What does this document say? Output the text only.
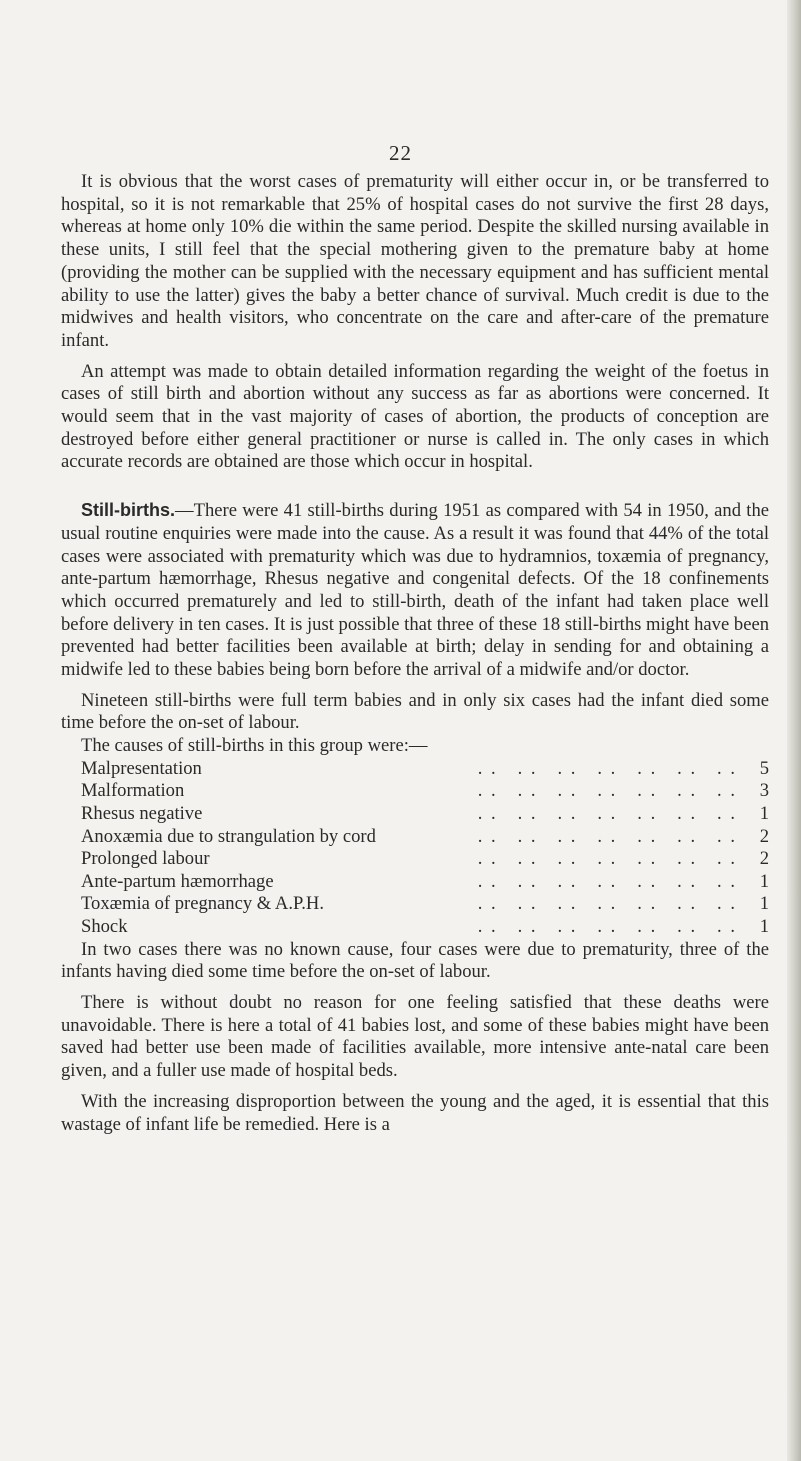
22

It is obvious that the worst cases of prematurity will either occur in, or be transferred to hospital, so it is not remarkable that 25% of hospital cases do not survive the first 28 days, whereas at home only 10% die within the same period. Despite the skilled nursing available in these units, I still feel that the special mothering given to the premature baby at home (providing the mother can be supplied with the necessary equipment and has sufficient mental ability to use the latter) gives the baby a better chance of survival. Much credit is due to the midwives and health visitors, who concentrate on the care and after-care of the premature infant.

An attempt was made to obtain detailed information regarding the weight of the foetus in cases of still birth and abortion without any success as far as abortions were concerned. It would seem that in the vast majority of cases of abortion, the products of conception are destroyed before either general practitioner or nurse is called in. The only cases in which accurate records are obtained are those which occur in hospital.

Still-births.—There were 41 still-births during 1951 as compared with 54 in 1950, and the usual routine enquiries were made into the cause. As a result it was found that 44% of the total cases were associated with prematurity which was due to hydramnios, toxæmia of pregnancy, ante-partum hæmorrhage, Rhesus negative and congenital defects. Of the 18 confinements which occurred prematurely and led to still-birth, death of the infant had taken place well before delivery in ten cases. It is just possible that three of these 18 still-births might have been prevented had better facilities been available at birth; delay in sending for and obtaining a midwife led to these babies being born before the arrival of a midwife and/or doctor.

Nineteen still-births were full term babies and in only six cases had the infant died some time before the on-set of labour.

The causes of still-births in this group were:—

Malpresentation	. .   . .   . .   . .   . .   . .   . .	5
Malformation	. .   . .   . .   . .   . .   . .   . .	3
Rhesus negative	. .   . .   . .   . .   . .   . .   . .	1
Anoxæmia due to strangulation by cord	. .   . .   . .   . .   . .   . .   . .	2
Prolonged labour	. .   . .   . .   . .   . .   . .   . .	2
Ante-partum hæmorrhage	. .   . .   . .   . .   . .   . .   . .	1
Toxæmia of pregnancy & A.P.H.	. .   . .   . .   . .   . .   . .   . .	1
Shock	. .   . .   . .   . .   . .   . .   . .	1

In two cases there was no known cause, four cases were due to prematurity, three of the infants having died some time before the on-set of labour.

There is without doubt no reason for one feeling satisfied that these deaths were unavoidable. There is here a total of 41 babies lost, and some of these babies might have been saved had better use been made of facilities available, more intensive ante-natal care been given, and a fuller use made of hospital beds.

With the increasing disproportion between the young and the aged, it is essential that this wastage of infant life be remedied. Here is a
